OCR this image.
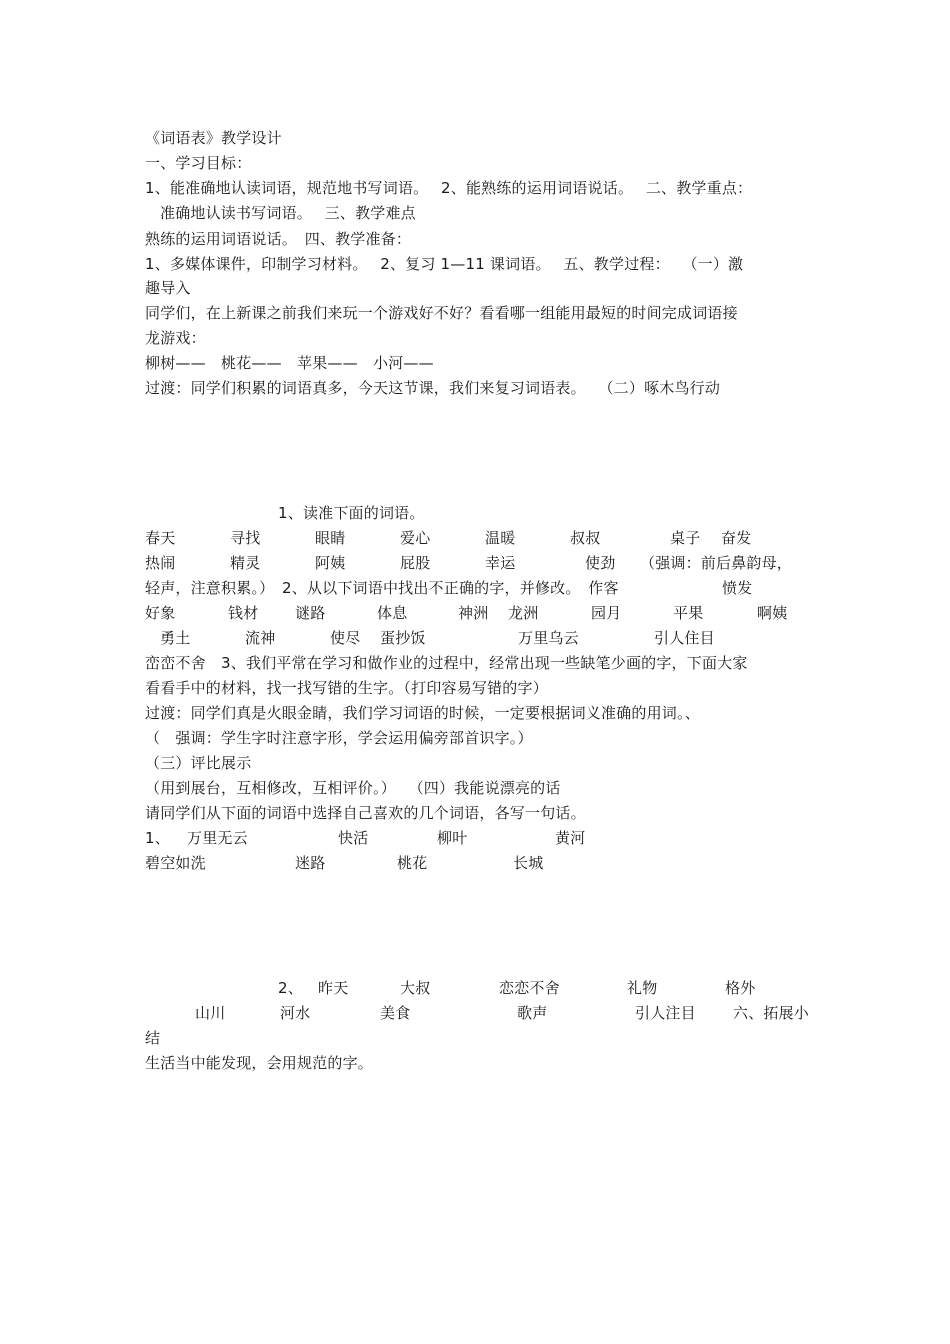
《词语表》教学设计
一、学习目标：
1、能准确地认读词语，规范地书写词语。　 2、能熟练的运用词语说话。　 二、教学重点：
准确地认读书写词语。　 三、教学难点
熟练的运用词语说话。　四、教学准备：
1、多媒体课件，印制学习材料。　 2、复习 1—11 课词语。　 五、教学过程：　 （一）激
趣导入
同学们，在上新课之前我们来玩一个游戏好不好？看看哪一组能用最短的时间完成词语接
龙游戏：
柳树——　桃花——　苹果——　小河——
过渡：同学们积累的词语真多，今天这节课，我们来复习词语表。　 （二）啄木鸟行动
1、读准下面的词语。
春天	寻找	眼睛	爱心	温暖	叔叔	桌子 奋发
热闹	精灵	阿姨	屁股	幸运	使劲 （强调：前后鼻韵母，
轻声，注意积累。）　2、从以下词语中找出不正确的字，并修改。　作客	愤发
好象	钱材 谜路	体息	神洲 龙洲	园月	平果	啊姨
勇土	流神	使尽 蛋抄饭	万里乌云	引人住目
峦峦不舍　3、我们平常在学习和做作业的过程中，经常出现一些缺笔少画的字，下面大家
看看手中的材料，找一找写错的生字。（打印容易写错的字）
过渡：同学们真是火眼金睛，我们学习词语的时候，一定要根据词义准确的用词。、
（　强调：学生字时注意字形，学会运用偏旁部首识字。）
（三）评比展示
（用到展台，互相修改，互相评价。）　 （四）我能说漂亮的话
请同学们从下面的词语中选择自己喜欢的几个词语，各写一句话。
1、 万里无云	快活	柳叶	黄河
碧空如洗	迷路	桃花	长城
2、 昨天	大叔	恋恋不舍	礼物	格外
山川	河水	美食	歌声	引人注目 六、拓展小
结
生活当中能发现，会用规范的字。
